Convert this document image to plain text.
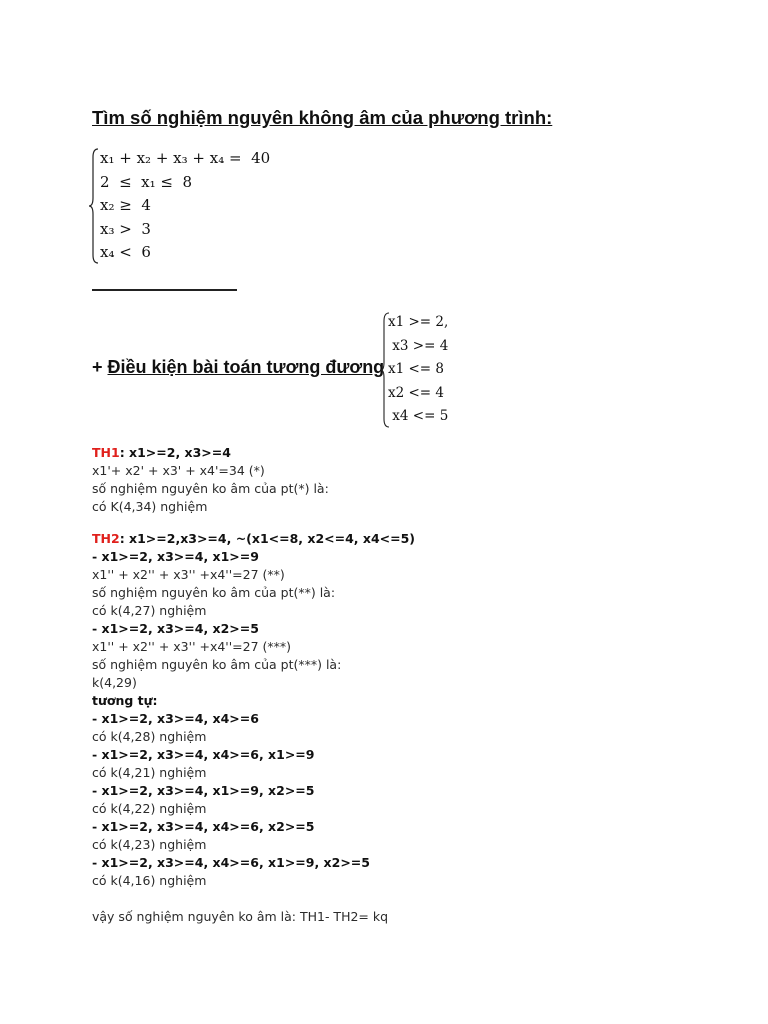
Tìm số nghiệm nguyên không âm của phương trình:
x₁ + x₂ + x₃ + x₄ =  40
2  ≤  x₁ ≤  8
x₂ ≥  4
x₃ >  3
x₄ <  6
+ Điều kiện bài toán tương đương
x1 >= 2,
x3 >= 4
x1 <= 8
x2 <= 4
x4 <= 5
TH1: x1>=2, x3>=4
x1'+ x2' + x3' + x4'=34 (*)
số nghiệm nguyên ko âm của pt(*) là:
có K(4,34) nghiệm
TH2: x1>=2,x3>=4, ~(x1<=8, x2<=4, x4<=5)
- x1>=2, x3>=4, x1>=9
x1'' + x2'' + x3'' +x4''=27 (**)
số nghiệm nguyên ko âm của pt(**) là:
có k(4,27) nghiệm
- x1>=2, x3>=4, x2>=5
x1'' + x2'' + x3'' +x4''=27 (***)
số nghiệm nguyên ko âm của pt(***) là:
k(4,29)
tương tự:
- x1>=2, x3>=4, x4>=6
có k(4,28) nghiệm
- x1>=2, x3>=4, x4>=6, x1>=9
có k(4,21) nghiệm
- x1>=2, x3>=4, x1>=9, x2>=5
có k(4,22) nghiệm
- x1>=2, x3>=4, x4>=6, x2>=5
có k(4,23) nghiệm
- x1>=2, x3>=4, x4>=6, x1>=9, x2>=5
có k(4,16) nghiệm
vậy số nghiệm nguyên ko âm là: TH1- TH2= kq
